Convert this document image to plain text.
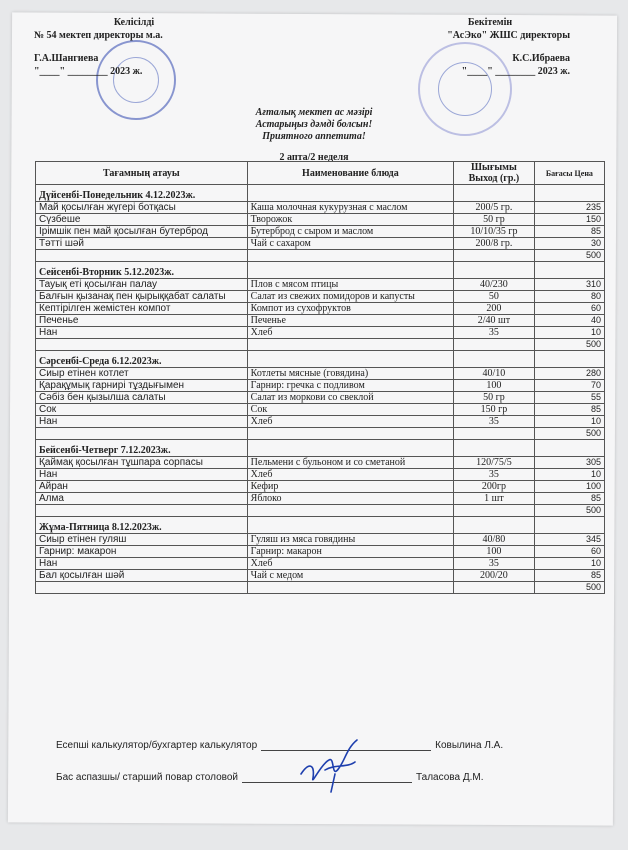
Келісілді
№ 54 мектеп директоры м.а.
Г.А.Шангиева
"____" ________ 2023 ж.
Бекітемін
"АсЭко" ЖШС директоры
К.С.Ибраева
"____" ________ 2023 ж.
Ағталық мектеп ас мәзірі
Астарыңыз дәмді болсын!
Приятного аппетита!
2 апта/2 неделя
Тағамның атауы	Наименование блюда	Шығымы Выход (гр.)	Бағасы Цена
Дүйсенбі-Понедельник 4.12.2023ж.			
Май қосылған жүгері ботқасы	Каша молочная кукурузная с маслом	200/5 гр.	235
Сүзбеше	Творожок	50 гр	150
Ірімшік пен май қосылған бутерброд	Бутерброд с сыром и маслом	10/10/35 гр	85
Тәтті шәй	Чай с сахаром	200/8 гр.	30
			500
Сейсенбі-Вторник 5.12.2023ж.			
Тауық еті қосылған палау	Плов с мясом птицы	40/230	310
Балғын қызанақ пен қырыққабат салаты	Салат из свежих помидоров и капусты	50	80
Кептірілген жемістен компот	Компот из сухофруктов	200	60
Печенье	Печенье	2/40 шт	40
Нан	Хлеб	35	10
			500
Сәрсенбі-Среда 6.12.2023ж.			
Сиыр етінен котлет	Котлеты мясные (говядина)	40/10	280
Қарақұмық гарнирі тұздығымен	Гарнир: гречка с подливом	100	70
Сәбіз бен қызылша салаты	Салат из моркови со свеклой	50 гр	55
Сок	Сок	150 гр	85
Нан	Хлеб	35	10
			500
Бейсенбі-Четверг 7.12.2023ж.			
Қаймақ қосылған тұшпара сорпасы	Пельмени с бульоном и со сметаной	120/75/5	305
Нан	Хлеб	35	10
Айран	Кефир	200гр	100
Алма	Яблоко	1 шт	85
			500
Жұма-Пятница 8.12.2023ж.			
Сиыр етінен гуляш	Гуляш из мяса говядины	40/80	345
Гарнир: макарон	Гарнир: макарон	100	60
Нан	Хлеб	35	10
Бал қосылған шәй	Чай с медом	200/20	85
			500
Есепші калькулятор/бухгартер калькулятор	Ковылина Л.А.
Бас аспазшы/ старший повар столовой	Таласова Д.М.
